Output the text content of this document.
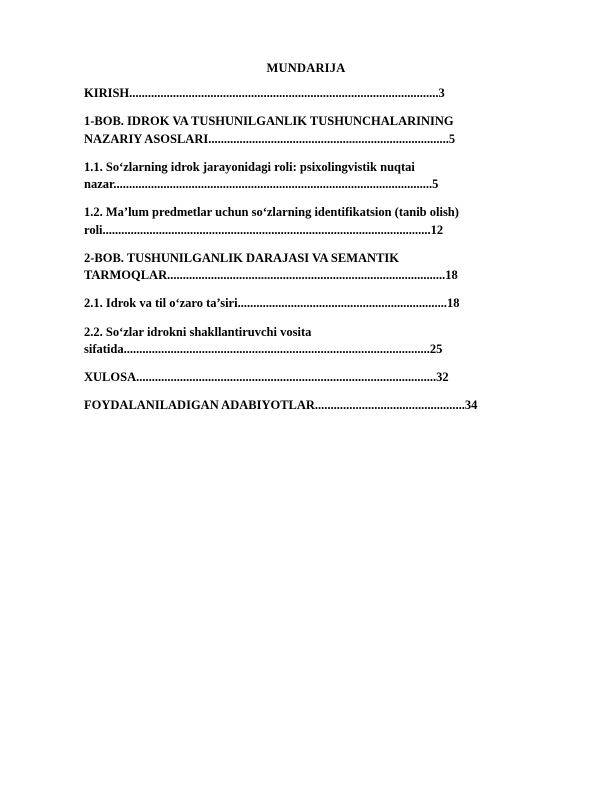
MUNDARIJA
KIRISH...................................................................................................3
1-BOB. IDROK VA TUSHUNILGANLIK TUSHUNCHALARINING
NAZARIY ASOSLARI.............................................................................5
1.1. So‘zlarning idrok jarayonidagi roli: psixolingvistik nuqtai
nazar......................................................................................................5
1.2. Ma’lum predmetlar uchun so‘zlarning identifikatsion (tanib olish)
roli.........................................................................................................12
2-BOB. TUSHUNILGANLIK DARAJASI VA SEMANTIK
TARMOQLAR.........................................................................................18
2.1. Idrok va til o‘zaro ta’siri...................................................................18
2.2. So‘zlar idrokni shakllantiruvchi vosita
sifatida..................................................................................................25
XULOSA................................................................................................32
FOYDALANILADIGAN ADABIYOTLAR................................................34
